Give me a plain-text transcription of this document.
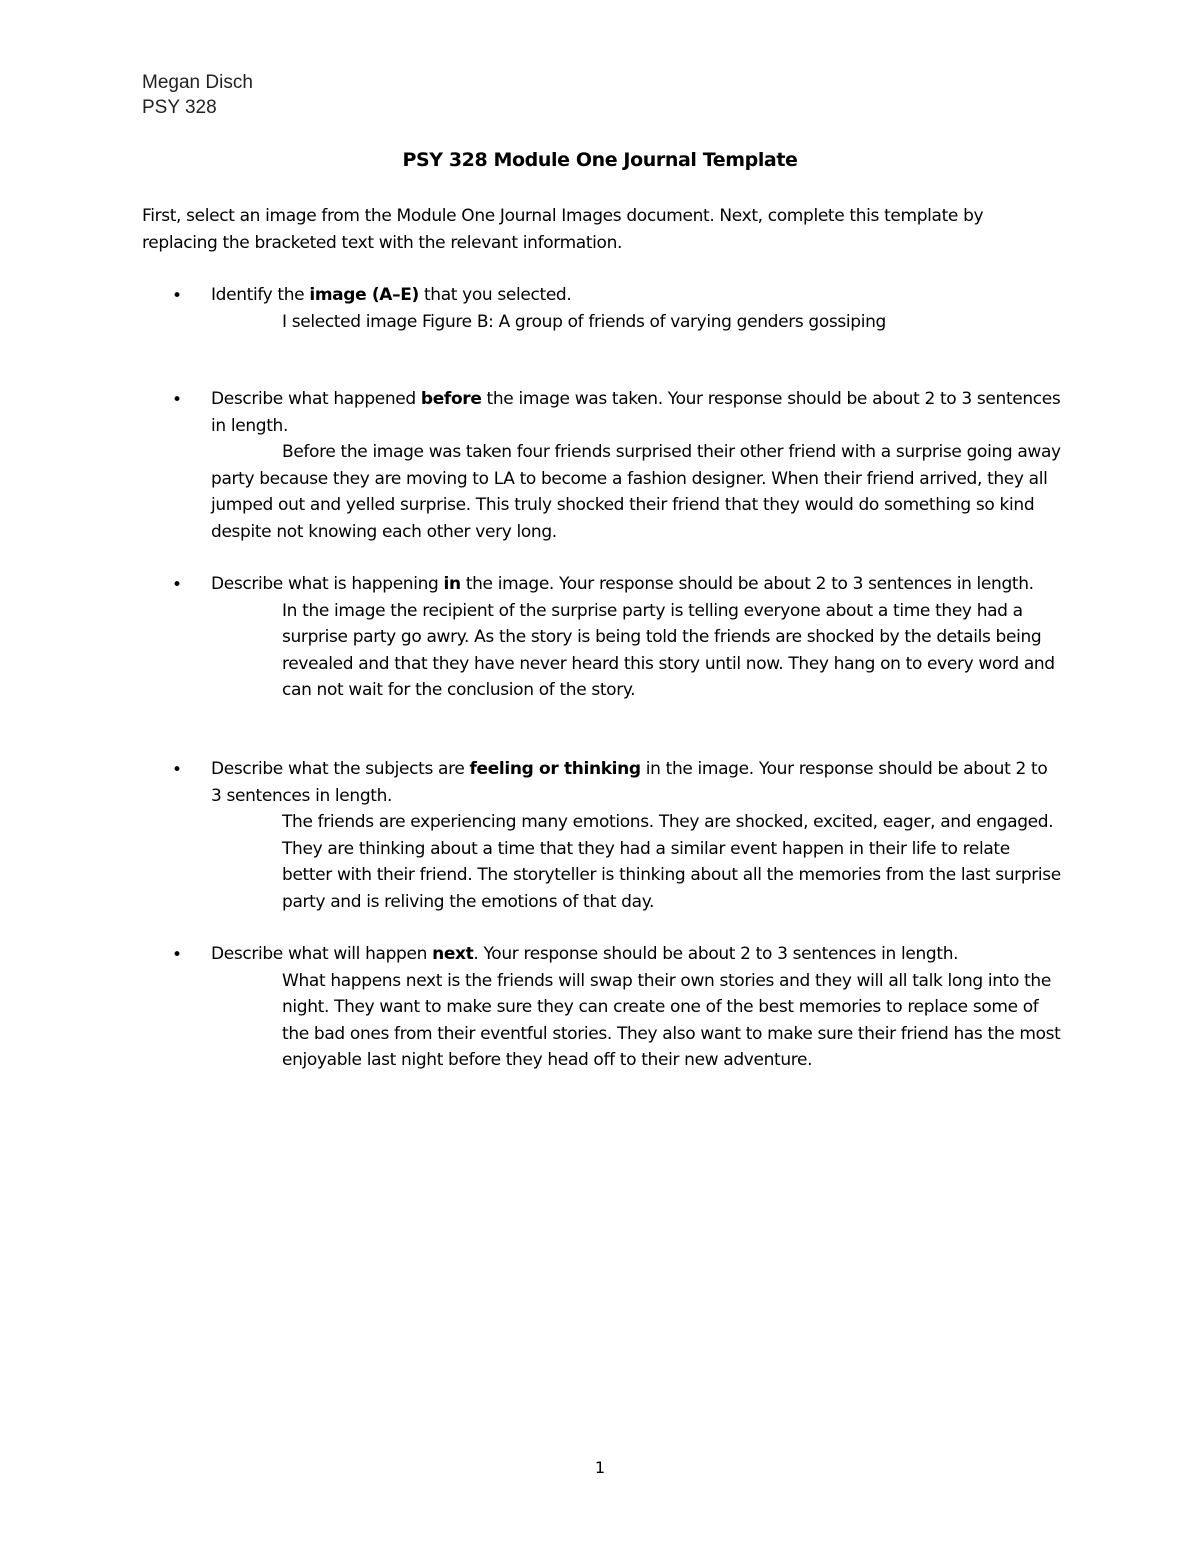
Megan Disch
PSY 328
PSY 328 Module One Journal Template

First, select an image from the Module One Journal Images document. Next, complete this template by replacing the bracketed text with the relevant information.

• Identify the image (A–E) that you selected.

I selected image Figure B: A group of friends of varying genders gossiping

• Describe what happened before the image was taken. Your response should be about 2 to 3 sentences in length.

Before the image was taken four friends surprised their other friend with a surprise going away party because they are moving to LA to become a fashion designer. When their friend arrived, they all jumped out and yelled surprise. This truly shocked their friend that they would do something so kind despite not knowing each other very long.

• Describe what is happening in the image. Your response should be about 2 to 3 sentences in length.

In the image the recipient of the surprise party is telling everyone about a time they had a surprise party go awry. As the story is being told the friends are shocked by the details being revealed and that they have never heard this story until now. They hang on to every word and can not wait for the conclusion of the story.

• Describe what the subjects are feeling or thinking in the image. Your response should be about 2 to 3 sentences in length.

The friends are experiencing many emotions. They are shocked, excited, eager, and engaged. They are thinking about a time that they had a similar event happen in their life to relate better with their friend. The storyteller is thinking about all the memories from the last surprise party and is reliving the emotions of that day.

• Describe what will happen next. Your response should be about 2 to 3 sentences in length.

What happens next is the friends will swap their own stories and they will all talk long into the night. They want to make sure they can create one of the best memories to replace some of the bad ones from their eventful stories. They also want to make sure their friend has the most enjoyable last night before they head off to their new adventure.

1
